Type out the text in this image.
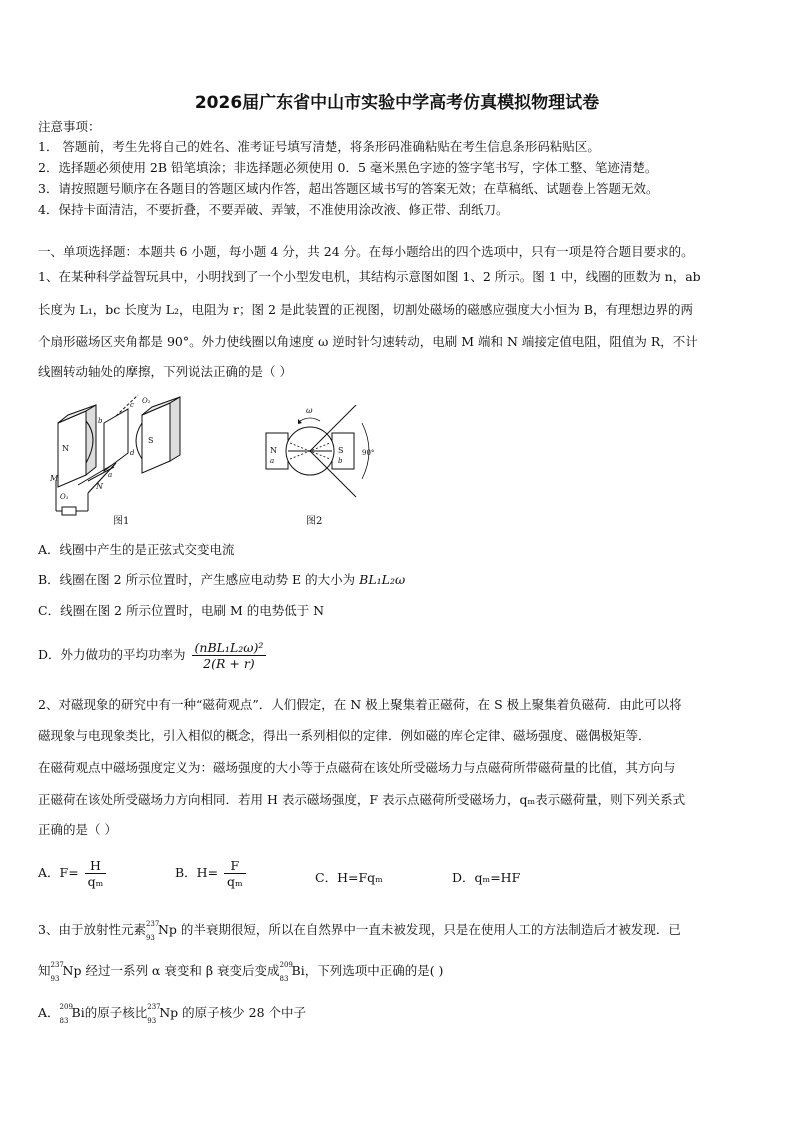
2026届广东省中山市实验中学高考仿真模拟物理试卷
注意事项：
1． 答题前，考生先将自己的姓名、准考证号填写清楚，将条形码准确粘贴在考生信息条形码粘贴区。
2．选择题必须使用 2B 铅笔填涂；非选择题必须使用 0．5 毫米黑色字迹的签字笔书写，字体工整、笔迹清楚。
3．请按照题号顺序在各题目的答题区域内作答，超出答题区域书写的答案无效；在草稿纸、试题卷上答题无效。
4．保持卡面清洁，不要折叠，不要弄破、弄皱，不准使用涂改液、修正带、刮纸刀。
一、单项选择题：本题共 6 小题，每小题 4 分，共 24 分。在每小题给出的四个选项中，只有一项是符合题目要求的。
1、在某种科学益智玩具中，小明找到了一个小型发电机，其结构示意图如图 1、2 所示。图 1 中，线圈的匝数为 n，ab
长度为 L₁，bc 长度为 L₂，电阻为 r；图 2 是此装置的正视图，切割处磁场的磁感应强度大小恒为 B，有理想边界的两
个扇形磁场区夹角都是 90°。外力使线圈以角速度 ω 逆时针匀速转动，电刷 M 端和 N 端接定值电阻，阻值为 R，不计
线圈转动轴处的摩擦，下列说法正确的是（ ）
N
S
M
N
O₁
O₂
c
d
b
a
图1
N	S
a	b
ω
90°
图2
A．线圈中产生的是正弦式交变电流
B．线圈在图 2 所示位置时，产生感应电动势 E 的大小为 BL₁L₂ω
C．线圈在图 2 所示位置时，电刷 M 的电势低于 N
D．外力做功的平均功率为 $\frac{\text{(nBL₁L₂ω)²}}{2(R + r)}$
2、对磁现象的研究中有一种“磁荷观点”．人们假定，在 N 极上聚集着正磁荷，在 S 极上聚集着负磁荷．由此可以将
磁现象与电现象类比，引入相似的概念，得出一系列相似的定律．例如磁的库仑定律、磁场强度、磁偶极矩等．
在磁荷观点中磁场强度定义为：磁场强度的大小等于点磁荷在该处所受磁场力与点磁荷所带磁荷量的比值，其方向与
正磁荷在该处所受磁场力方向相同．若用 H 表示磁场强度，F 表示点磁荷所受磁场力，qₘ表示磁荷量，则下列关系式
正确的是（ ）
A．$F= \frac{H}{\text{qₘ}}$	B．$H= \frac{F}{\text{qₘ}}$	C．H=Fqₘ	D．qₘ=HF
3、由于放射性元素 237
93
Np 的半衰期很短，所以在自然界中一直未被发现，只是在使用人工的方法制造后才被发现．已
知 237
93
Np 经过一系列 α 衰变和 β 衰变后变成 209
83
Bi，下列选项中正确的是( )
A． 209
83
Bi的原子核比 237
93
Np 的原子核少 28 个中子
